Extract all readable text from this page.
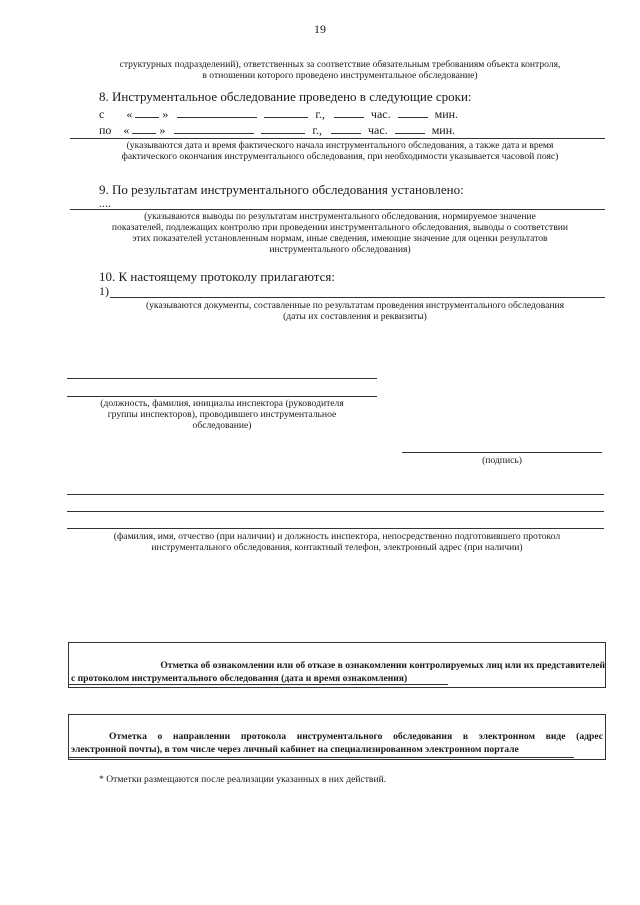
19
структурных подразделений), ответственных за соответствие обязательным требованиям объекта контроля,
в отношении которого проведено инструментальное обследование)
8. Инструментальное обследование проведено в следующие сроки:
с «	»	г.,	час.	мин.
по «	»	г.,	час.	мин.
(указываются дата и время фактического начала инструментального обследования, а также дата и время
фактического окончания инструментального обследования, при необходимости указывается часовой пояс)
9. По результатам инструментального обследования установлено:
....
(указываются выводы по результатам инструментального обследования, нормируемое значение
показателей, подлежащих контролю при проведении инструментального обследования, выводы о соответствии
этих показателей установленным нормам, иные сведения, имеющие значение для оценки результатов
инструментального обследования)
10. К настоящему протоколу прилагаются:
1)
(указываются документы, составленные по результатам проведения инструментального обследования
(даты их составления и реквизиты)
(должность, фамилия, инициалы инспектора (руководителя
группы инспекторов), проводившего инструментальное
обследование)
(подпись)
(фамилия, имя, отчество (при наличии) и должность инспектора, непосредственно подготовившего протокол
инструментального обследования, контактный телефон, электронный адрес (при наличии)
Отметка об ознакомлении или об отказе в ознакомлении контролируемых лиц или их представителей
с протоколом инструментального обследования (дата и время ознакомления)
Отметка о направлении протокола инструментального обследования в электронном виде (адрес
электронной почты), в том числе через личный кабинет на специализированном электронном портале
* Отметки размещаются после реализации указанных в них действий.
